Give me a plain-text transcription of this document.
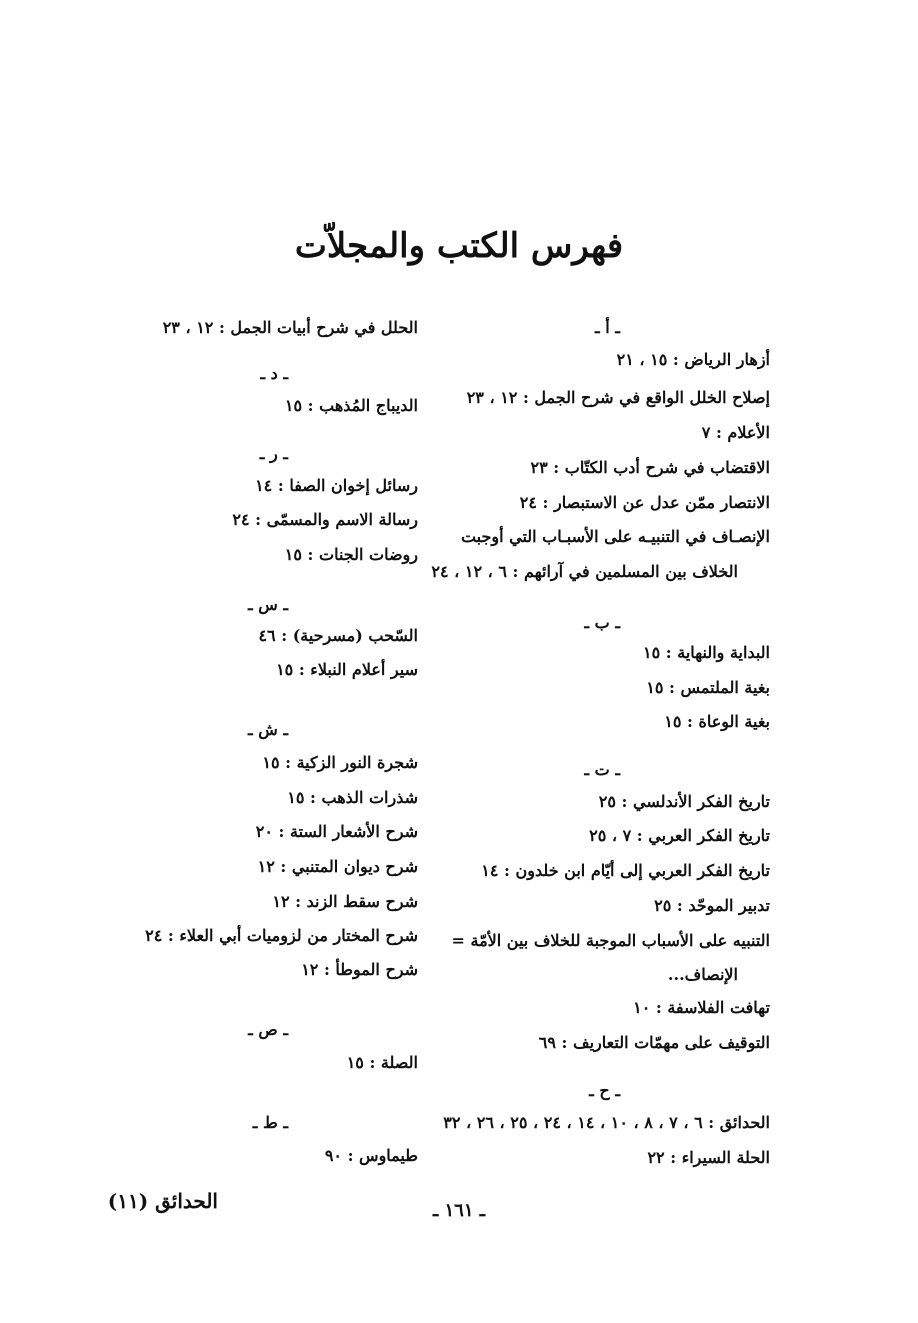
فهرس الكتب والمجلاّت
ـ أ ـ
أزهار الرياض : ١٥ ، ٢١
إصلاح الخلل الواقع في شرح الجمل : ١٢ ، ٢٣
الأعلام : ٧
الاقتضاب في شرح أدب الكتّاب : ٢٣
الانتصار ممّن عدل عن الاستبصار : ٢٤
الإنصـاف في التنبيـه على الأسبـاب التي أوجبت
الخلاف بين المسلمين في آرائهم : ٦ ، ١٢ ، ٢٤
ـ ب ـ
البداية والنهاية : ١٥
بغية الملتمس : ١٥
بغية الوعاة : ١٥
ـ ت ـ
تاريخ الفكر الأندلسي : ٢٥
تاريخ الفكر العربي : ٧ ، ٢٥
تاريخ الفكر العربي إلى أيّام ابن خلدون : ١٤
تدبير الموحّد : ٢٥
التنبيه على الأسباب الموجبة للخلاف بين الأمّة =
الإنصاف...
تهافت الفلاسفة : ١٠
التوقيف على مهمّات التعاريف : ٦٩
ـ ح ـ
الحدائق : ٦ ، ٧ ، ٨ ، ١٠ ، ١٤ ، ٢٤ ، ٢٥ ، ٢٦ ، ٣٢
الحلة السيراء : ٢٢
الحلل في شرح أبيات الجمل : ١٢ ، ٢٣
ـ د ـ
الديباج المُذهب : ١٥
ـ ر ـ
رسائل إخوان الصفا : ١٤
رسالة الاسم والمسمّى : ٢٤
روضات الجنات : ١٥
ـ س ـ
السّحب (مسرحية) : ٤٦
سير أعلام النبلاء : ١٥
ـ ش ـ
شجرة النور الزكية : ١٥
شذرات الذهب : ١٥
شرح الأشعار الستة : ٢٠
شرح ديوان المتنبي : ١٢
شرح سقط الزند : ١٢
شرح المختار من لزوميات أبي العلاء : ٢٤
شرح الموطأ : ١٢
ـ ص ـ
الصلة : ١٥
ـ ط ـ
طيماوس : ٩٠
الحدائق (١١)	ـ ١٦١ ـ
